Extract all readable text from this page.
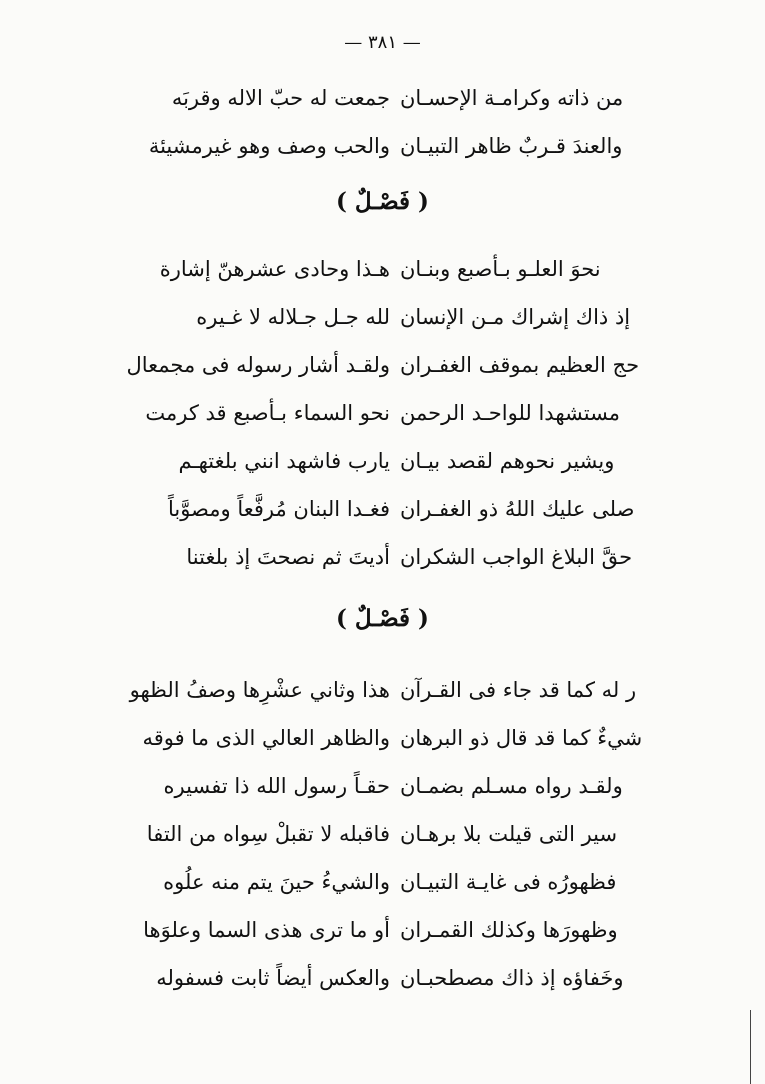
— ٣٨١ —
جمعت له حبّ الاله وقربَه من ذاته وكرامـة الإحسـان
والحب وصف وهو غيرمشيئة والعندَ قـربٌ ظاهر التبيـان
( فَصْـلٌ )
هـذا وحادى عشرهنّ إشارة نحوَ العلـو بـأصبع وبنـان
لله جـل جـلاله لا غـيره إذ ذاك إشراك مـن الإنسان
ولقـد أشار رسوله فى مجمعال حج العظيم بموقف الغفـران
نحو السماء بـأصبع قد كرمت مستشهدا للواحـد الرحمن
يارب فاشهد انني بلغتهـم ويشير نحوهم لقصد بيـان
فغـدا البنان مُرفَّعاً ومصوَّباً صلى عليك اللهُ ذو الغفـران
أديتَ ثم نصحتَ إذ بلغتنا حقَّ البلاغ الواجب الشكران
( فَصْـلٌ )
هذا وثاني عشْرِها وصفُ الظهو ر له كما قد جاء فى القـرآن
والظاهر العالي الذى ما فوقه شيءٌ كما قد قال ذو البرهان
حقـاً رسول الله ذا تفسيره ولقـد رواه مسـلم بضمـان
فاقبله لا تقبلْ سِواه من التفا سير التى قيلت بلا برهـان
والشيءُ حينَ يتم منه علُوه فظهورُه فى غايـة التبيـان
أو ما ترى هذى السما وعلوَها وظهورَها وكذلك القمـران
والعكس أيضاً ثابت فسفوله وخَفاؤه إذ ذاك مصطحبـان
